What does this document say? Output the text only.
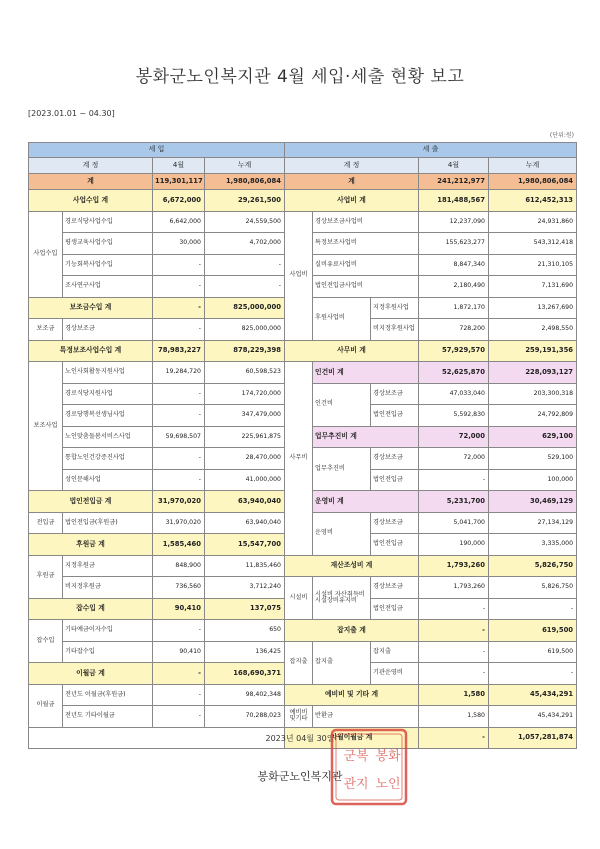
봉화군노인복지관 4월 세입·세출 현황 보고
[2023.01.01 ~ 04.30]
(단위:원)
세 입				세 출				
계 정		4월	누계	계 정			4월	누계
계		119,301,117	1,980,806,084	계			241,212,977	1,980,806,084
사업수입 계		6,672,000	29,261,500	사업비 계			181,488,567	612,452,313
사업수입	경로식당사업수입	6,642,000	24,559,500	사업비	경상보조금사업비		12,237,090	24,931,860
	평생교육사업수입	30,000	4,702,000		특정보조사업비		155,623,277	543,312,418
	기능회복사업수입	-	-		실비유료사업비		8,847,340	21,310,105
	조사연구사업	-	-		법인전입금사업비		2,180,490	7,131,690
보조금수입 계		-	825,000,000		후원사업비	지정후원사업	1,872,170	13,267,690
보조금	경상보조금	-	825,000,000			비지정후원사업	728,200	2,498,550
특정보조사업수입 계		78,983,227	878,229,398	사무비 계			57,929,570	259,191,356
보조사업	노인사회활동지원사업	19,284,720	60,598,523	사무비	인건비 계		52,625,870	228,093,127
	경로식당지원사업	-	174,720,000		인건비	경상보조금	47,033,040	203,300,318
	경로당행복선생님사업	-	347,479,000			법인전입금	5,592,830	24,792,809
	노인맞춤돌봄서비스사업	59,698,507	225,961,875		업무추진비 계		72,000	629,100
	통합노인건강증진사업	-	28,470,000		업무추진비	경상보조금	72,000	529,100
	성인문해사업	-	41,000,000			법인전입금	-	100,000
법인전입금 계		31,970,020	63,940,040		운영비 계		5,231,700	30,469,129
전입금	법인전입금(후원금)	31,970,020	63,940,040		운영비	경상보조금	5,041,700	27,134,129
후원금 계		1,585,460	15,547,700			법인전입금	190,000	3,335,000
후원금	지정후원금	848,900	11,835,460	재산조성비 계			1,793,260	5,826,750
	비지정후원금	736,560	3,712,240	시설비	시설비 자산취득비 시설장비유지비	경상보조금	1,793,260	5,826,750
잡수입 계		90,410	137,075			법인전입금	-	-
잡수입	기타예금이자수입	-	650	잡지출 계			-	619,500
	기타잡수입	90,410	136,425	잡지출	잡지출	잡지출	-	619,500
이월금 계		-	168,690,371			기관운영비	-	-
이월금	전년도 이월금(후원금)	-	98,402,348	예비비 및 기타 계			1,580	45,434,291
	전년도 기타이월금	-	70,288,023	예비비및기타	반환금		1,580	45,434,291
				차월이월금 계			-	1,057,281,874
2023년 04월 30일
봉화군노인복지관
봉화
노인
군복
관지
